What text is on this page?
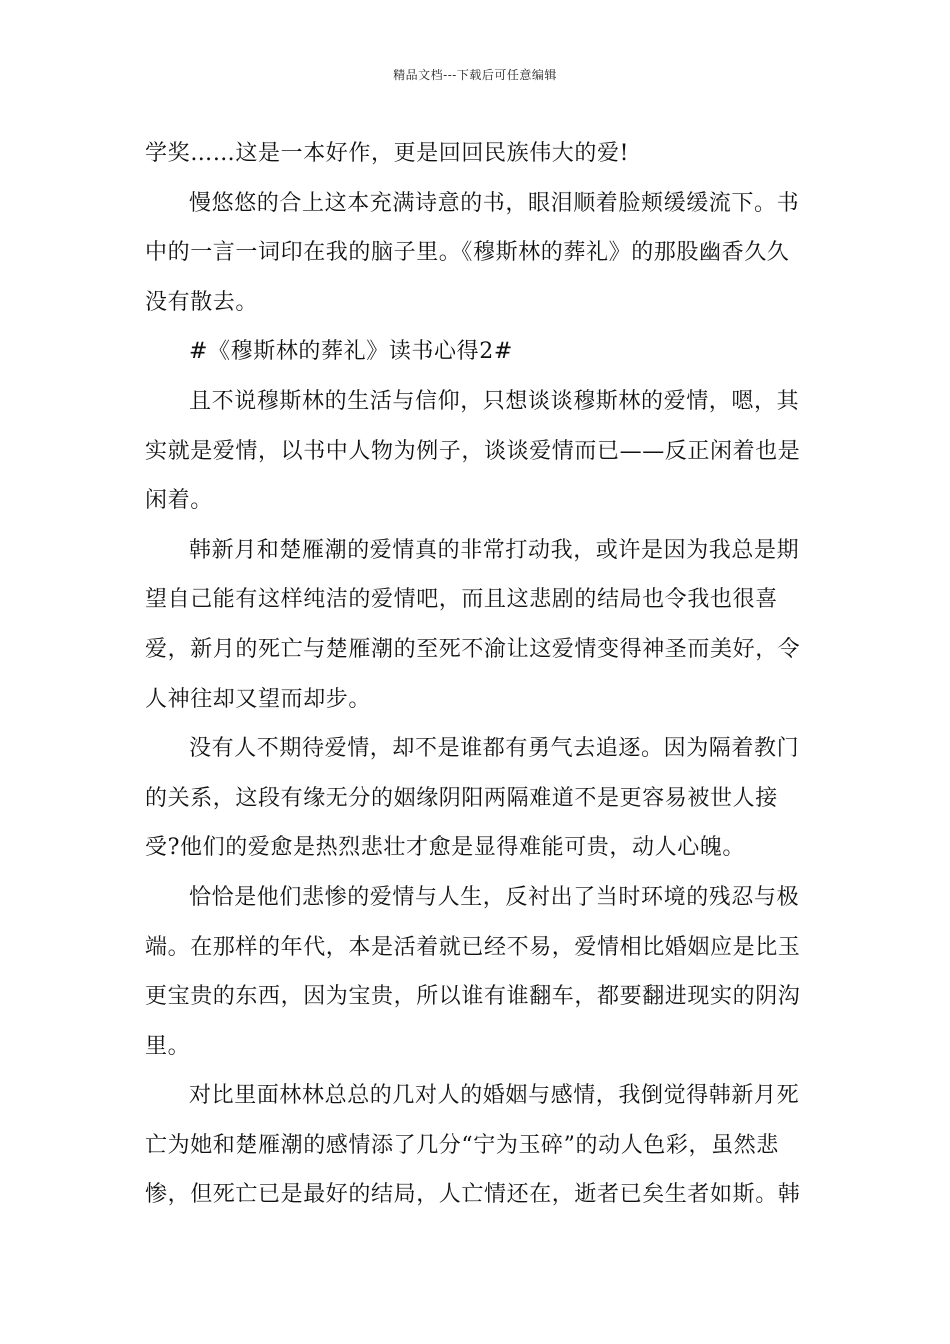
精品文档---下载后可任意编辑

学奖……这是一本好作，更是回回民族伟大的爱!

慢悠悠的合上这本充满诗意的书，眼泪顺着脸颊缓缓流下。书中的一言一词印在我的脑子里。《穆斯林的葬礼》的那股幽香久久没有散去。

#《穆斯林的葬礼》读书心得2#

且不说穆斯林的生活与信仰，只想谈谈穆斯林的爱情，嗯，其实就是爱情，以书中人物为例子，谈谈爱情而已——反正闲着也是闲着。

韩新月和楚雁潮的爱情真的非常打动我，或许是因为我总是期望自己能有这样纯洁的爱情吧，而且这悲剧的结局也令我也很喜爱，新月的死亡与楚雁潮的至死不渝让这爱情变得神圣而美好，令人神往却又望而却步。

没有人不期待爱情，却不是谁都有勇气去追逐。因为隔着教门的关系，这段有缘无分的姻缘阴阳两隔难道不是更容易被世人接受?他们的爱愈是热烈悲壮才愈是显得难能可贵，动人心魄。

恰恰是他们悲惨的爱情与人生，反衬出了当时环境的残忍与极端。在那样的年代，本是活着就已经不易，爱情相比婚姻应是比玉更宝贵的东西，因为宝贵，所以谁有谁翻车，都要翻进现实的阴沟里。

对比里面林林总总的几对人的婚姻与感情，我倒觉得韩新月死亡为她和楚雁潮的感情添了几分“宁为玉碎”的动人色彩，虽然悲惨，但死亡已是最好的结局，人亡情还在，逝者已矣生者如斯。韩
